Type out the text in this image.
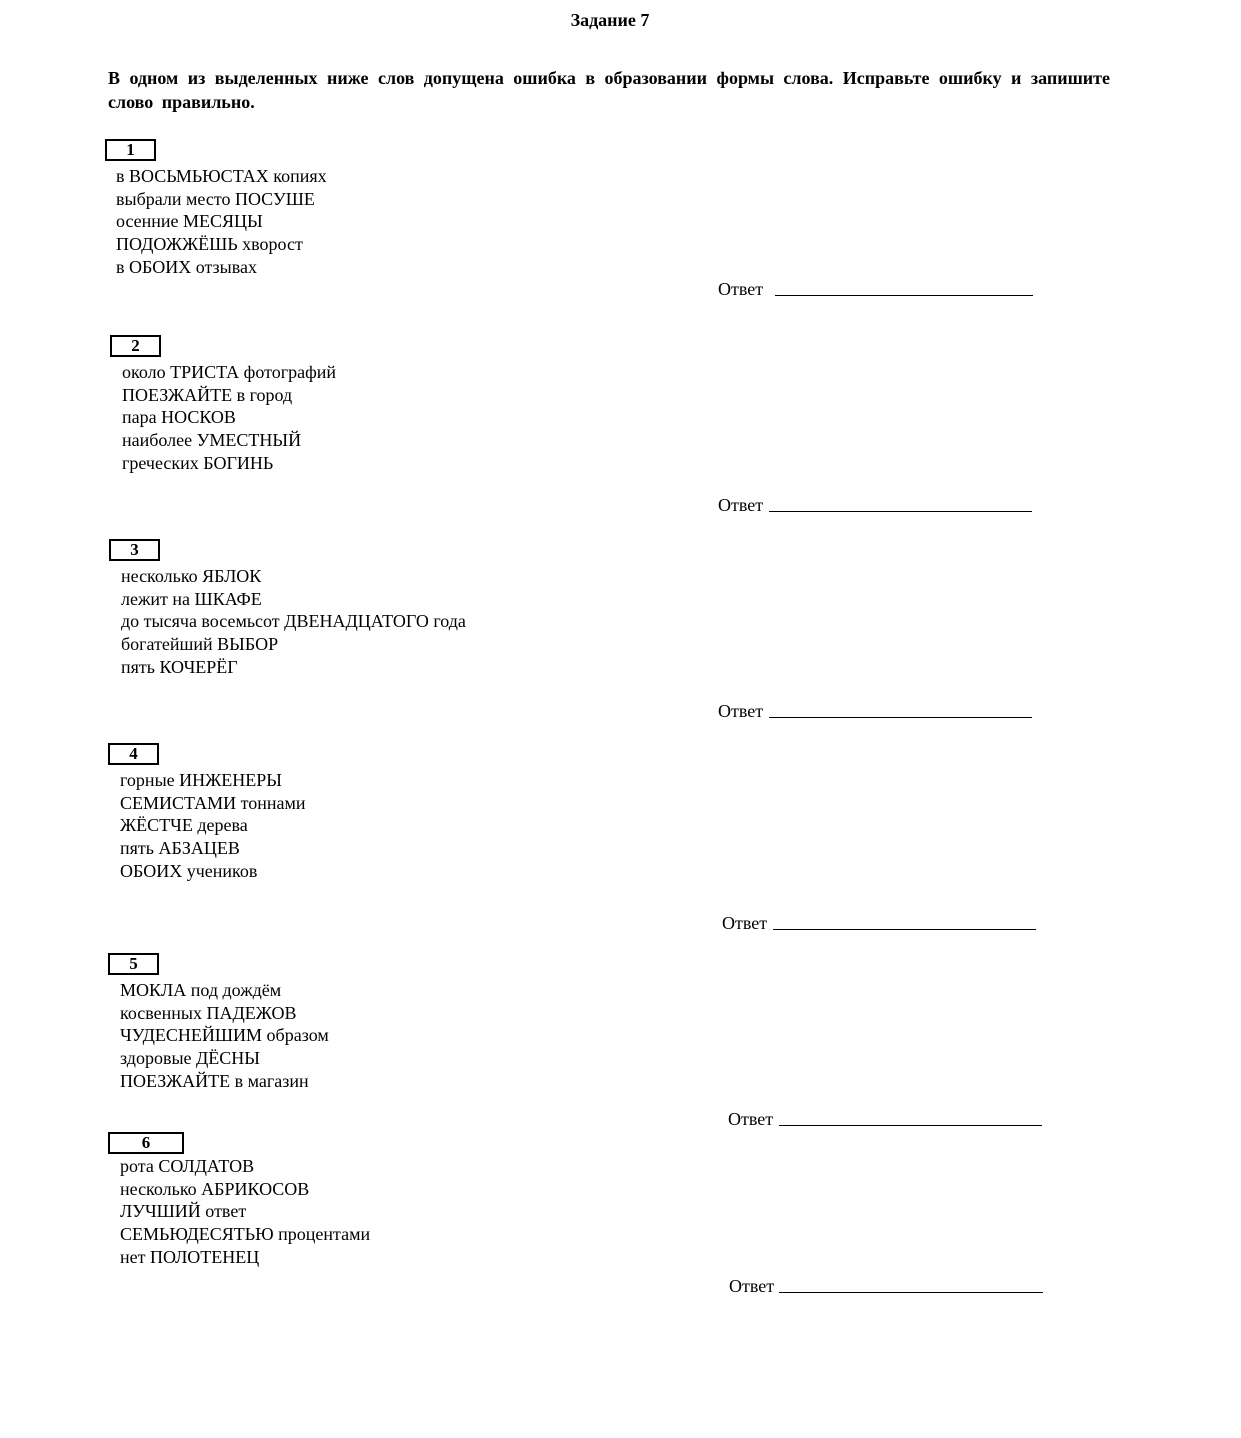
Задание 7
В одном из выделенных ниже слов допущена ошибка в образовании формы слова. Исправьте ошибку и запишите слово правильно.
1
в ВОСЬМЬЮСТАХ копиях
выбрали место ПОСУШЕ
осенние МЕСЯЦЫ
ПОДОЖЖЁШЬ хворост
в ОБОИХ отзывах
Ответ
2
около ТРИСТА фотографий
ПОЕЗЖАЙТЕ в город
пара НОСКОВ
наиболее УМЕСТНЫЙ
греческих БОГИНЬ
Ответ
3
несколько ЯБЛОК
лежит на ШКАФЕ
до тысяча восемьсот ДВЕНАДЦАТОГО года
богатейший ВЫБОР
пять КОЧЕРЁГ
Ответ
4
горные ИНЖЕНЕРЫ
СЕМИСТАМИ тоннами
ЖЁСТЧЕ дерева
пять АБЗАЦЕВ
ОБОИХ учеников
Ответ
5
МОКЛА под дождём
косвенных ПАДЕЖОВ
ЧУДЕСНЕЙШИМ образом
здоровые ДЁСНЫ
ПОЕЗЖАЙТЕ в магазин
Ответ
6
рота СОЛДАТОВ
несколько АБРИКОСОВ
ЛУЧШИЙ ответ
СЕМЬЮДЕСЯТЬЮ процентами
нет ПОЛОТЕНЕЦ
Ответ
